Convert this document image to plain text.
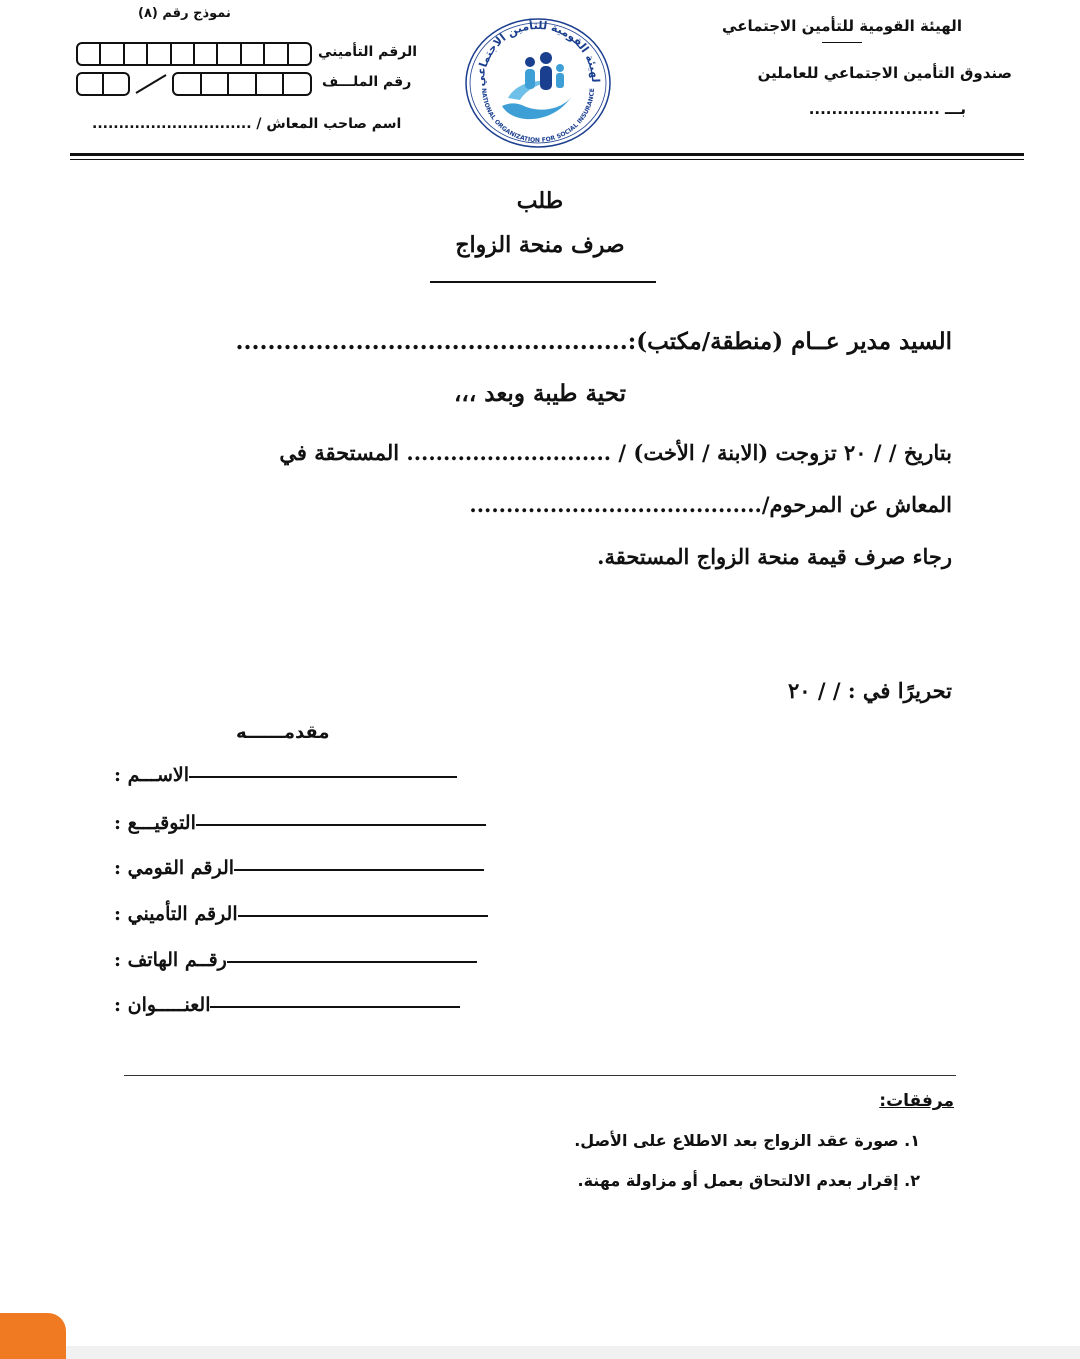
الهيئة القومية للتأمين الاجتماعي
صندوق التأمين الاجتماعي للعاملين
بـــ .......................
لهيئة القومية للتأمين الاجتماعي
NATIONAL ORGANIZATION FOR SOCIAL INSURANCE
نموذج رقم (٨)
الرقم التأميني
رقم الملـــف
اسم صاحب المعاش / ..............................
طلب
صرف منحة الزواج
السيد مدير عــام (منطقة/مكتب):.................................................
تحية طيبة وبعد ،،،
بتاريخ / / ٢٠ تزوجت (الابنة / الأخت) / ............................ المستحقة في
المعاش عن المرحوم/........................................
رجاء صرف قيمة منحة الزواج المستحقة.
تحريرًا في : / / ٢٠
مقدمــــــه
الاســـم :
التوقيـــع :
الرقم القومي :
الرقم التأميني :
رقــم الهاتف :
العنـــــوان :
مرفقات:
١. صورة عقد الزواج بعد الاطلاع على الأصل.
٢. إقرار بعدم الالتحاق بعمل أو مزاولة مهنة.
